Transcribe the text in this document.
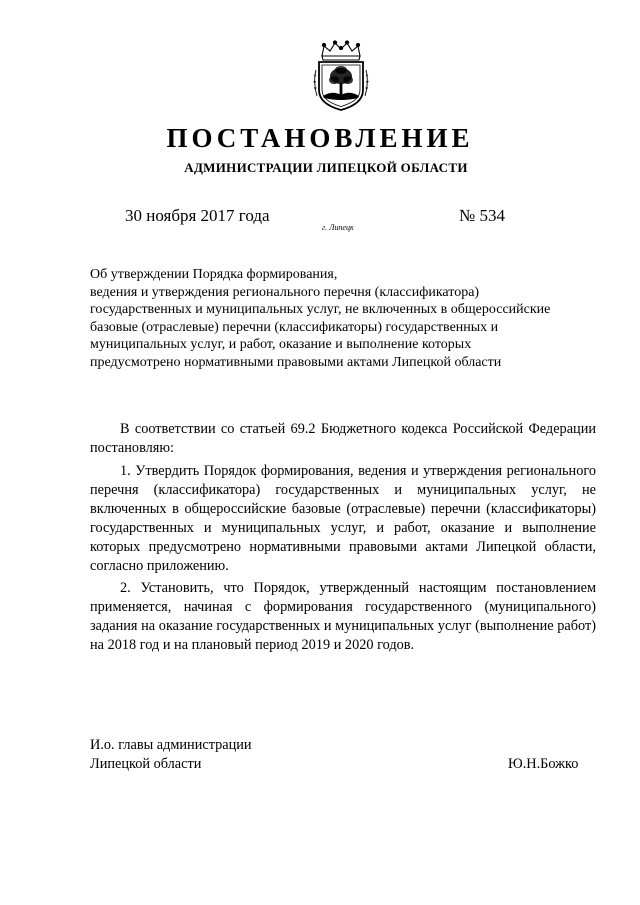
ПОСТАНОВЛЕНИЕ
АДМИНИСТРАЦИИ ЛИПЕЦКОЙ ОБЛАСТИ
30 ноября 2017 года
г. Липецк
№ 534
Об утверждении Порядка формирования,
ведения и утверждения регионального перечня (классификатора)
государственных и муниципальных услуг, не включенных в общероссийские
базовые (отраслевые) перечни (классификаторы) государственных и
муниципальных услуг, и работ, оказание и выполнение которых
предусмотрено нормативными правовыми актами Липецкой области

В соответствии со статьей 69.2 Бюджетного кодекса Российской Федерации постановляю:

1. Утвердить Порядок формирования, ведения и утверждения регионального перечня (классификатора) государственных и муниципальных услуг, не включенных в общероссийские базовые (отраслевые) перечни (классификаторы) государственных и муниципальных услуг, и работ, оказание и выполнение которых предусмотрено нормативными правовыми актами Липецкой области, согласно приложению.

2. Установить, что Порядок, утвержденный настоящим постановлением применяется, начиная с формирования государственного (муниципального) задания на оказание государственных и муниципальных услуг (выполнение работ) на 2018 год и на плановый период 2019 и 2020 годов.

И.о. главы администрации
Липецкой области	Ю.Н.Божко
